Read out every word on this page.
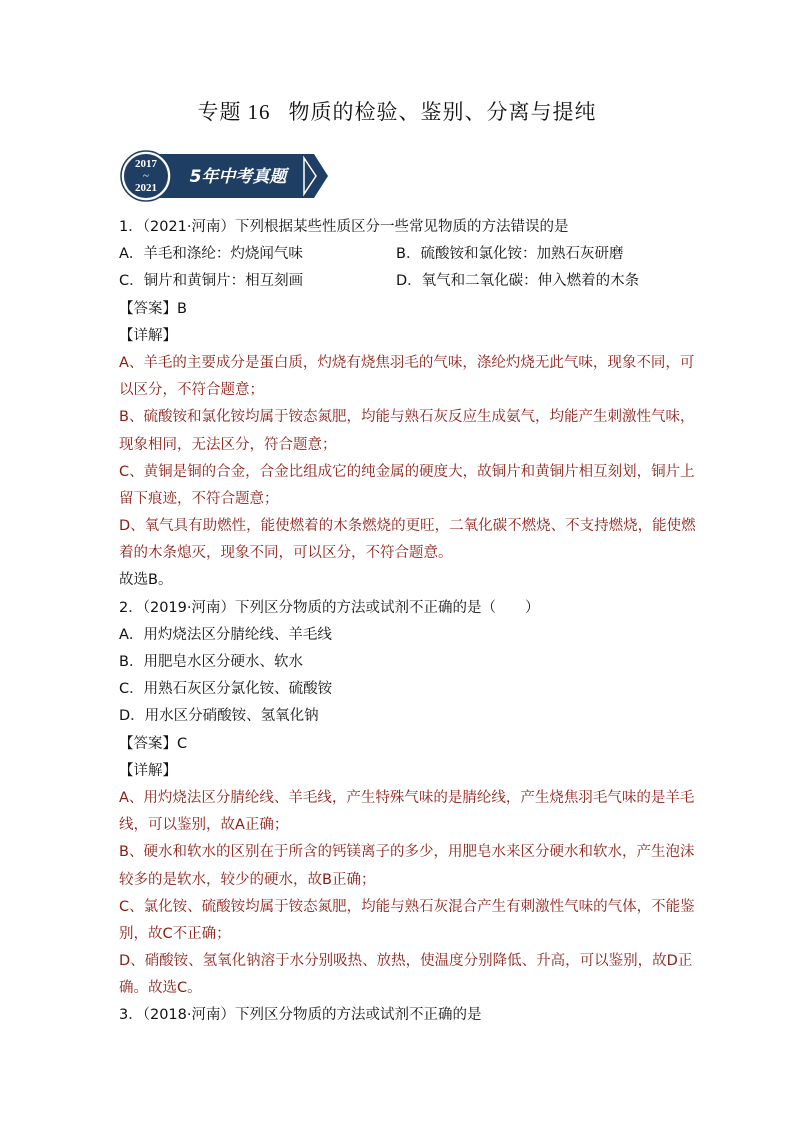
专题 16 物质的检验、鉴别、分离与提纯
2017
~
2021
5年中考真题
1．（2021·河南）下列根据某些性质区分一些常见物质的方法错误的是
A．羊毛和涤纶：灼烧闻气味	B．硫酸铵和氯化铵：加熟石灰研磨
C．铜片和黄铜片：相互刻画	D．氧气和二氧化碳：伸入燃着的木条
【答案】B
【详解】
A、羊毛的主要成分是蛋白质，灼烧有烧焦羽毛的气味，涤纶灼烧无此气味，现象不同，可
以区分，不符合题意；
B、硫酸铵和氯化铵均属于铵态氮肥，均能与熟石灰反应生成氨气，均能产生刺激性气味，
现象相同，无法区分，符合题意；
C、黄铜是铜的合金，合金比组成它的纯金属的硬度大，故铜片和黄铜片相互刻划，铜片上
留下痕迹，不符合题意；
D、氧气具有助燃性，能使燃着的木条燃烧的更旺，二氧化碳不燃烧、不支持燃烧，能使燃
着的木条熄灭，现象不同，可以区分，不符合题意。
故选B。
2．（2019·河南）下列区分物质的方法或试剂不正确的是（　　）
A．用灼烧法区分腈纶线、羊毛线
B．用肥皂水区分硬水、软水
C．用熟石灰区分氯化铵、硫酸铵
D．用水区分硝酸铵、氢氧化钠
【答案】C
【详解】
A、用灼烧法区分腈纶线、羊毛线，产生特殊气味的是腈纶线，产生烧焦羽毛气味的是羊毛
线，可以鉴别，故A正确；
B、硬水和软水的区别在于所含的钙镁离子的多少，用肥皂水来区分硬水和软水，产生泡沫
较多的是软水，较少的硬水，故B正确；
C、氯化铵、硫酸铵均属于铵态氮肥，均能与熟石灰混合产生有刺激性气味的气体，不能鉴
别，故C不正确；
D、硝酸铵、氢氧化钠溶于水分别吸热、放热，使温度分别降低、升高，可以鉴别，故D正
确。故选C。
3．（2018·河南）下列区分物质的方法或试剂不正确的是
